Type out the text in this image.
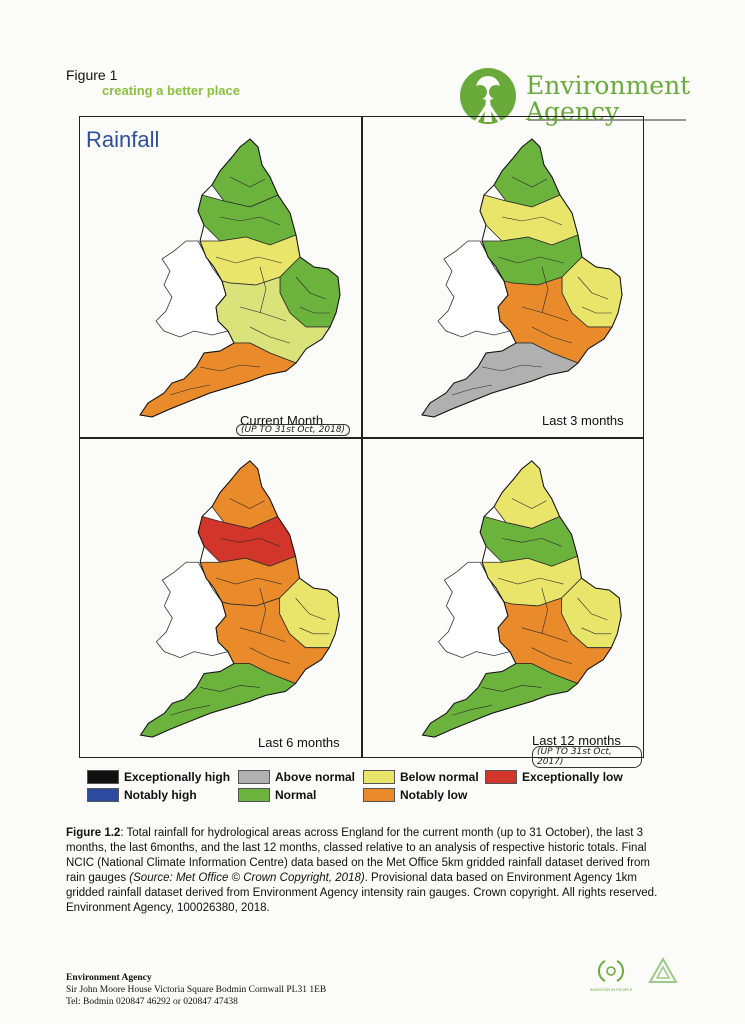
Figure 1
creating a better place	Environment
Agency
Rainfall
Current Month
(UP TO 31st Oct, 2018)
Last 3 months
Last 6 months	Last 12 months
(UP TO 31st Oct, 2017)
Exceptionally high
Notably high
Above normal
Normal
Below normal
Notably low
Exceptionally low
Figure 1.2: Total rainfall for hydrological areas across England for the current month (up to 31 October), the last 3 months, the last 6months, and the last 12 months, classed relative to an analysis of respective historic totals. Final NCIC (National Climate Information Centre) data based on the Met Office 5km gridded rainfall dataset derived from rain gauges (Source: Met Office © Crown Copyright, 2018). Provisional data based on Environment Agency 1km gridded rainfall dataset derived from Environment Agency intensity rain gauges. Crown copyright. All rights reserved. Environment Agency, 100026380, 2018.
Environment Agency
Sir John Moore House Victoria Square Bodmin Cornwall PL31 1EB
Tel: Bodmin 020847 46292 or 020847 47438
INVESTOR IN PEOPLE
